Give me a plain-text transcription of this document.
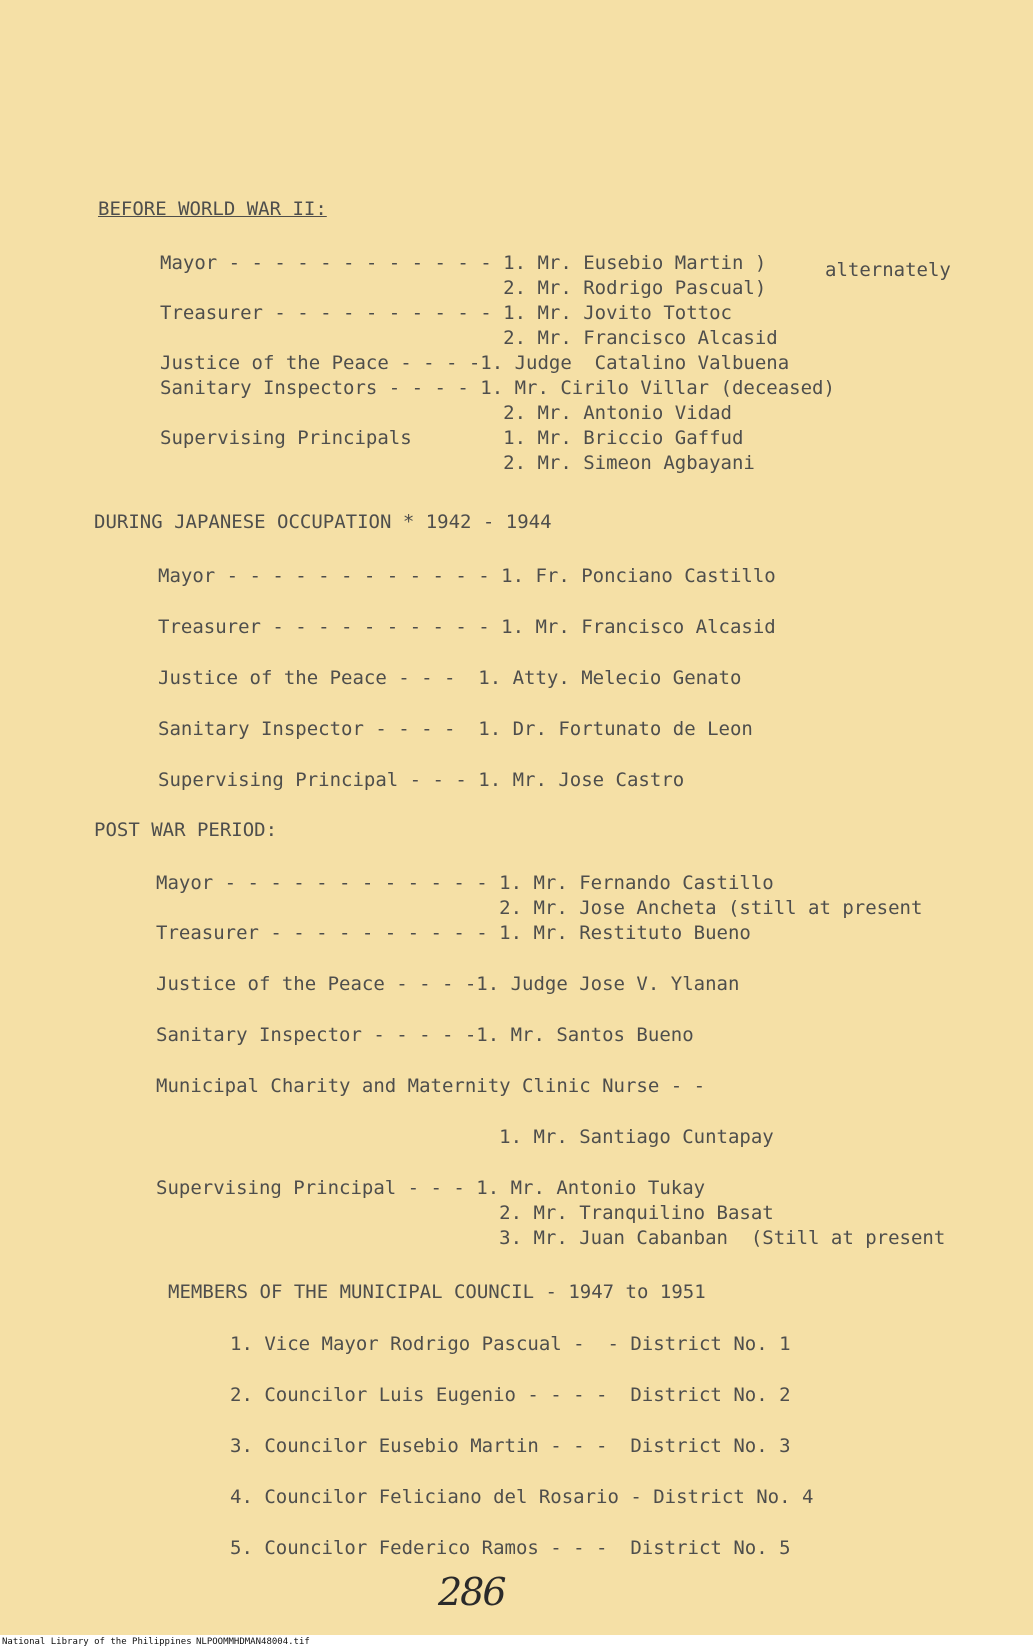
BEFORE WORLD WAR II:
Mayor - - - - - - - - - - - - 1. Mr. Eusebio Martin )	alternately
2. Mr. Rodrigo Pascual)
Treasurer - - - - - - - - - - 1. Mr. Jovito Tottoc
2. Mr. Francisco Alcasid
Justice of the Peace - - - -1. Judge  Catalino Valbuena
Sanitary Inspectors - - - - 1. Mr. Cirilo Villar (deceased)
2. Mr. Antonio Vidad
Supervising Principals        1. Mr. Briccio Gaffud
2. Mr. Simeon Agbayani
DURING JAPANESE OCCUPATION * 1942 - 1944
Mayor - - - - - - - - - - - - 1. Fr. Ponciano Castillo
Treasurer - - - - - - - - - - 1. Mr. Francisco Alcasid
Justice of the Peace - - -  1. Atty. Melecio Genato
Sanitary Inspector - - - -  1. Dr. Fortunato de Leon
Supervising Principal - - - 1. Mr. Jose Castro
POST WAR PERIOD:
Mayor - - - - - - - - - - - - 1. Mr. Fernando Castillo
2. Mr. Jose Ancheta (still at present
Treasurer - - - - - - - - - - 1. Mr. Restituto Bueno
Justice of the Peace - - - -1. Judge Jose V. Ylanan
Sanitary Inspector - - - - -1. Mr. Santos Bueno
Municipal Charity and Maternity Clinic Nurse - -
1. Mr. Santiago Cuntapay
Supervising Principal - - - 1. Mr. Antonio Tukay
2. Mr. Tranquilino Basat
3. Mr. Juan Cabanban  (Still at present
MEMBERS OF THE MUNICIPAL COUNCIL - 1947 to 1951
1. Vice Mayor Rodrigo Pascual -  - District No. 1
2. Councilor Luis Eugenio - - - -  District No. 2
3. Councilor Eusebio Martin - - -  District No. 3
4. Councilor Feliciano del Rosario - District No. 4
5. Councilor Federico Ramos - - -  District No. 5
286
National Library of the Philippines NLPOOMMHDMAN48004.tif
